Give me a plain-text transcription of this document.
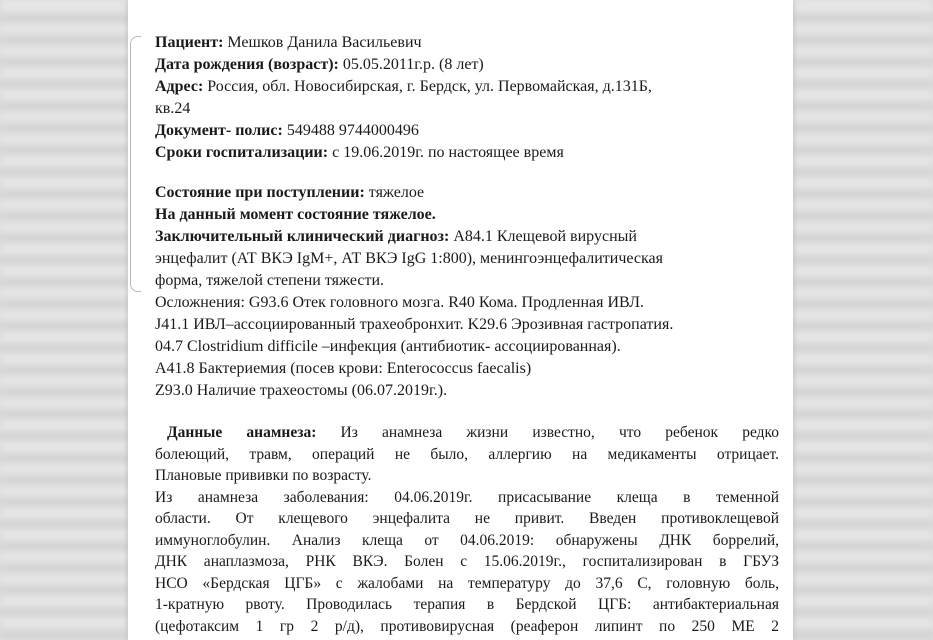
Пациент: Мешков Данила Васильевич
Дата рождения (возраст): 05.05.2011г.р. (8 лет)
Адрес: Россия, обл. Новосибирская, г. Бердск, ул. Первомайская, д.131Б,
кв.24
Документ- полис: 549488 9744000496
Сроки госпитализации: с 19.06.2019г. по настоящее время
Состояние при поступлении: тяжелое
На данный момент состояние тяжелое.
Заключительный клинический диагноз: A84.1 Клещевой вирусный
энцефалит (АТ ВКЭ IgM+, АТ ВКЭ IgG 1:800), менингоэнцефалитическая
форма, тяжелой степени тяжести.
Осложнения: G93.6 Отек головного мозга. R40 Кома. Продленная ИВЛ.
J41.1 ИВЛ–ассоциированный трахеобронхит. K29.6 Эрозивная гастропатия.
04.7 Clostridium difficile –инфекция (антибиотик- ассоциированная).
A41.8 Бактериемия (посев крови: Enterococcus faecalis)
Z93.0 Наличие трахеостомы (06.07.2019г.).
Данные анамнеза: Из анамнеза жизни известно, что ребенок редко
болеющий, травм, операций не было, аллергию на медикаменты отрицает.
Плановые прививки по возрасту.
Из анамнеза заболевания: 04.06.2019г. присасывание клеща в теменной
области. От клещевого энцефалита не привит. Введен противоклещевой
иммуноглобулин. Анализ клеща от 04.06.2019: обнаружены ДНК боррелий,
ДНК анаплазмоза, РНК ВКЭ. Болен с 15.06.2019г., госпитализирован в ГБУЗ
НСО «Бердская ЦГБ» с жалобами на температуру до 37,6 С, головную боль,
1-кратную рвоту. Проводилась терапия в Бердской ЦГБ: антибактериальная
(цефотаксим 1 гр 2 р/д), противовирусная (реаферон липинт по 250 МЕ 2
